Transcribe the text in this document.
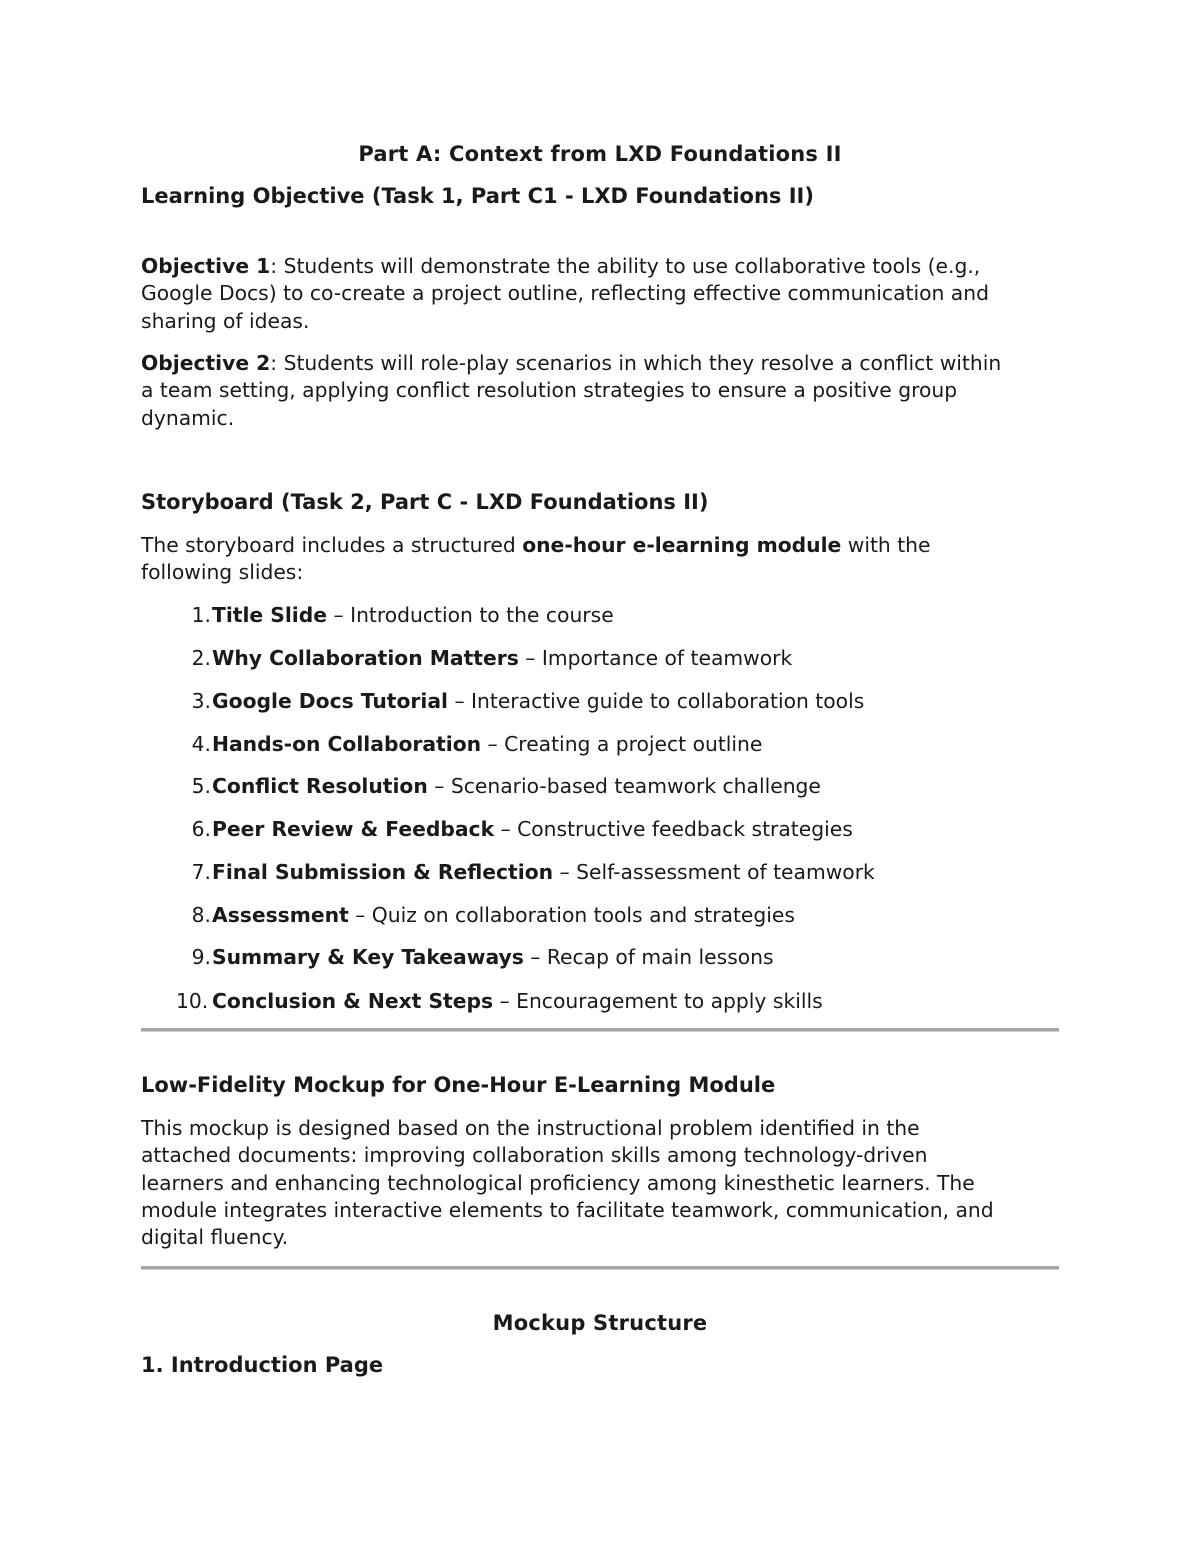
Part A: Context from LXD Foundations II
Learning Objective (Task 1, Part C1 - LXD Foundations II)
Objective 1: Students will demonstrate the ability to use collaborative tools (e.g.,
Google Docs) to co-create a project outline, reflecting effective communication and
sharing of ideas.
Objective 2: Students will role-play scenarios in which they resolve a conflict within
a team setting, applying conflict resolution strategies to ensure a positive group
dynamic.
Storyboard (Task 2, Part C - LXD Foundations II)
The storyboard includes a structured one-hour e-learning module with the
following slides:
1. Title Slide – Introduction to the course
2. Why Collaboration Matters – Importance of teamwork
3. Google Docs Tutorial – Interactive guide to collaboration tools
4. Hands-on Collaboration – Creating a project outline
5. Conflict Resolution – Scenario-based teamwork challenge
6. Peer Review & Feedback – Constructive feedback strategies
7. Final Submission & Reflection – Self-assessment of teamwork
8. Assessment – Quiz on collaboration tools and strategies
9. Summary & Key Takeaways – Recap of main lessons
10. Conclusion & Next Steps – Encouragement to apply skills
Low-Fidelity Mockup for One-Hour E-Learning Module
This mockup is designed based on the instructional problem identified in the
attached documents: improving collaboration skills among technology-driven
learners and enhancing technological proficiency among kinesthetic learners. The
module integrates interactive elements to facilitate teamwork, communication, and
digital fluency.
Mockup Structure
1. Introduction Page
